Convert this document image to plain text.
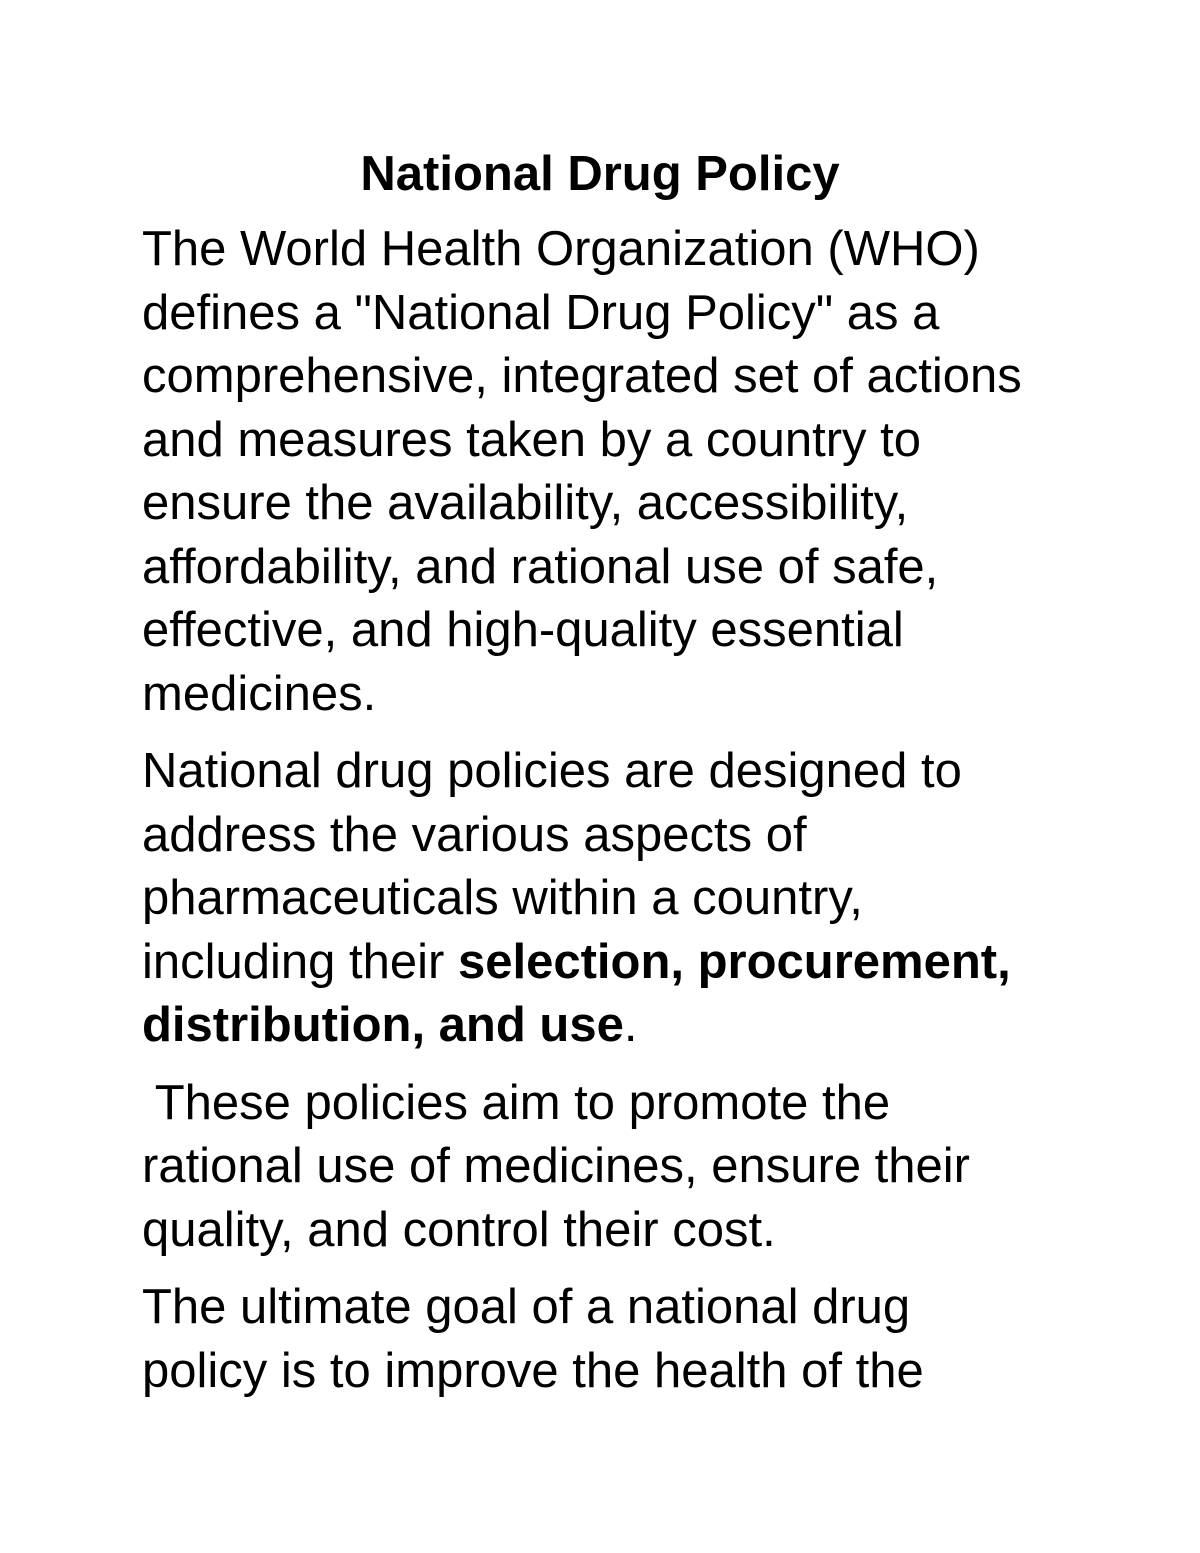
National Drug Policy

The World Health Organization (WHO)
defines a "National Drug Policy" as a
comprehensive, integrated set of actions
and measures taken by a country to
ensure the availability, accessibility,
affordability, and rational use of safe,
effective, and high-quality essential
medicines.

National drug policies are designed to
address the various aspects of
pharmaceuticals within a country,
including their selection, procurement,
distribution, and use.

These policies aim to promote the
rational use of medicines, ensure their
quality, and control their cost.

The ultimate goal of a national drug
policy is to improve the health of the
